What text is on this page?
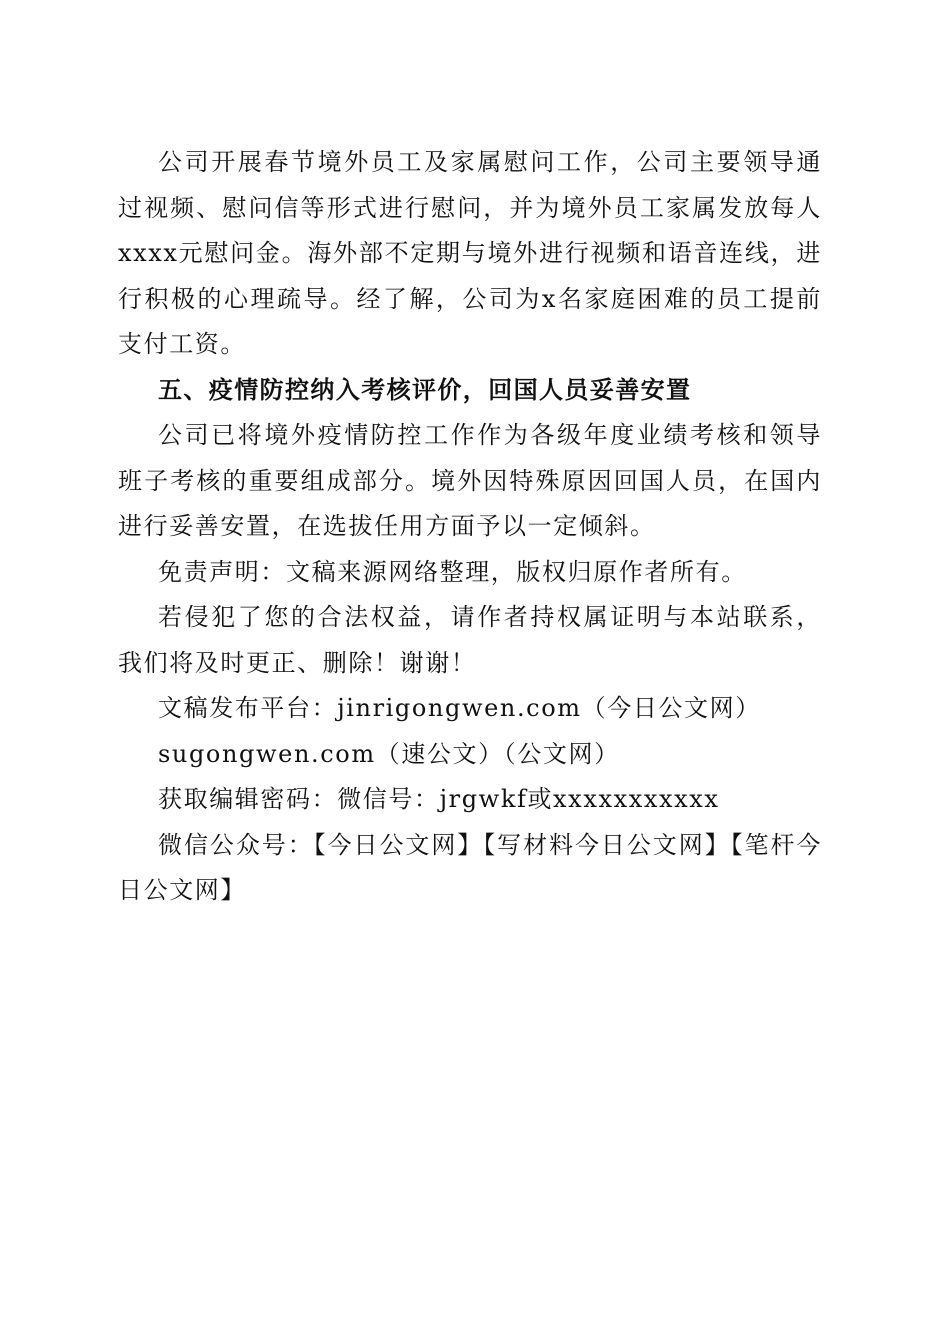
公司开展春节境外员工及家属慰问工作，公司主要领导通过视频、慰问信等形式进行慰问，并为境外员工家属发放每人xxxx元慰问金。海外部不定期与境外进行视频和语音连线，进行积极的心理疏导。经了解，公司为x名家庭困难的员工提前支付工资。

五、疫情防控纳入考核评价，回国人员妥善安置

公司已将境外疫情防控工作作为各级年度业绩考核和领导班子考核的重要组成部分。境外因特殊原因回国人员，在国内进行妥善安置，在选拔任用方面予以一定倾斜。

免责声明：文稿来源网络整理，版权归原作者所有。

若侵犯了您的合法权益，请作者持权属证明与本站联系，我们将及时更正、删除！谢谢！

文稿发布平台：jinrigongwen.com（今日公文网）

sugongwen.com（速公文）（公文网）

获取编辑密码：微信号：jrgwkf或xxxxxxxxxxx

微信公众号：【今日公文网】【写材料今日公文网】【笔杆今日公文网】
